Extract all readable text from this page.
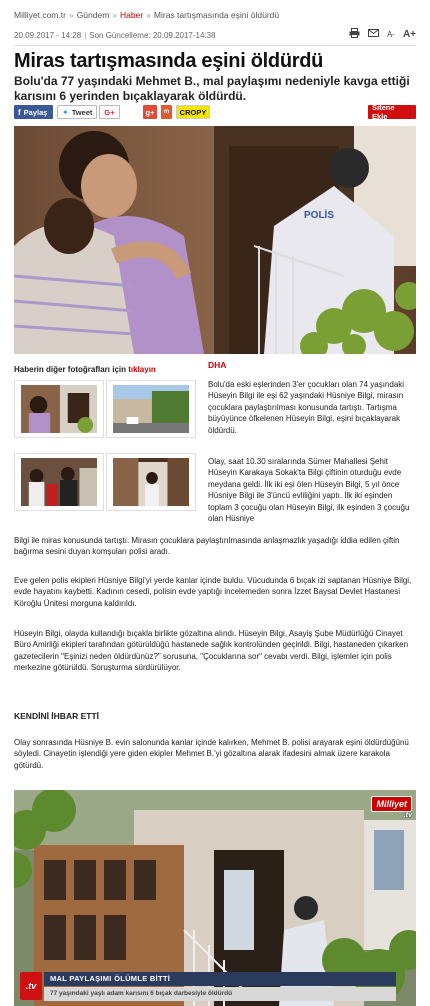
Milliyet.com.tr » Gündem » Haber » Miras tartışmasında eşini öldürdü
20.09.2017 - 14:28 | Son Güncelleme: 20.09.2017-14:38	A- A+
Miras tartışmasında eşini öldürdü
Bolu'da 77 yaşındaki Mehmet B., mal paylaşımı nedeniyle kavga ettiği karısını 6 yerinden bıçaklayarak öldürdü.
f Paylaş ✦ Tweet	G+	g+	m	CROPY	Sitene Ekle
POLİS
Haberin diğer fotoğrafları için tıklayın	DHA

Bolu'da eski eşlerinden 3'er çocukları olan 74 yaşındaki Hüseyin Bilgi ile eşi 62 yaşındaki Hüsniye Bilgi, mirasın çocuklara paylaştırılması konusunda tartıştı. Tartışma büyüyünce öfkelenen Hüseyin Bilgi, eşini bıçaklayarak öldürdü.

Olay, saat 10.30 sıralarında Sümer Mahallesi Şehit Hüseyin Karakaya Sokak'ta Bilgi çiftinin oturduğu evde meydana geldi. İlk iki eşi ölen Hüseyin Bilgi, 5 yıl önce Hüsniye Bilgi ile 3'üncü evliliğini yaptı. İlk iki eşinden toplam 3 çocuğu olan Hüseyin Bilgi, ilk eşinden 3 çocuğu olan Hüsniye

Bilgi ile miras konusunda tartıştı. Mirasın çocuklara paylaştırılmasında anlaşmazlık yaşadığı iddia edilen çiftin bağırma sesini duyan komşuları polisi aradı.

Eve gelen polis ekipleri Hüsniye Bilgi'yi yerde kanlar içinde buldu. Vücudunda 6 bıçak izi saptanan Hüsniye Bilgi, evde hayatını kaybetti. Kadının cesedi, polisin evde yaptığı incelemeden sonra İzzet Baysal Devlet Hastanesi Köroğlu Ünitesi morguna kaldırıldı.

Hüseyin Bilgi, olayda kullandığı bıçakla birlikte gözaltına alındı. Hüseyin Bilgi, Asayiş Şube Müdürlüğü Cinayet Büro Amirliği ekipleri tarafından götürüldüğü hastanede sağlık kontrolünden geçirildi. Bilgi, hastaneden çıkarken gazetecilerin "Eşinizi neden öldürdünüz?" sorusuna, "Çocuklarına sor" cevabı verdi. Bilgi, işlemler için polis merkezine götürüldü. Soruşturma sürdürülüyor.

KENDİNİ İHBAR ETTİ

Olay sonrasında Hüsniye B. evin salonunda kanlar içinde kalırken, Mehmet B. polisi arayarak eşini öldürdüğünü söyledi. Cinayetin işlendiği yere giden ekipler Mehmet B.'yi gözaltına alarak ifadesini almak üzere karakola götürdü.

Milliyet
.tv
.tv
MAL PAYLAŞIMI ÖLÜMLE BİTTİ
77 yaşındaki yaşlı adam karısını 6 bıçak darbesiyle öldürdü
